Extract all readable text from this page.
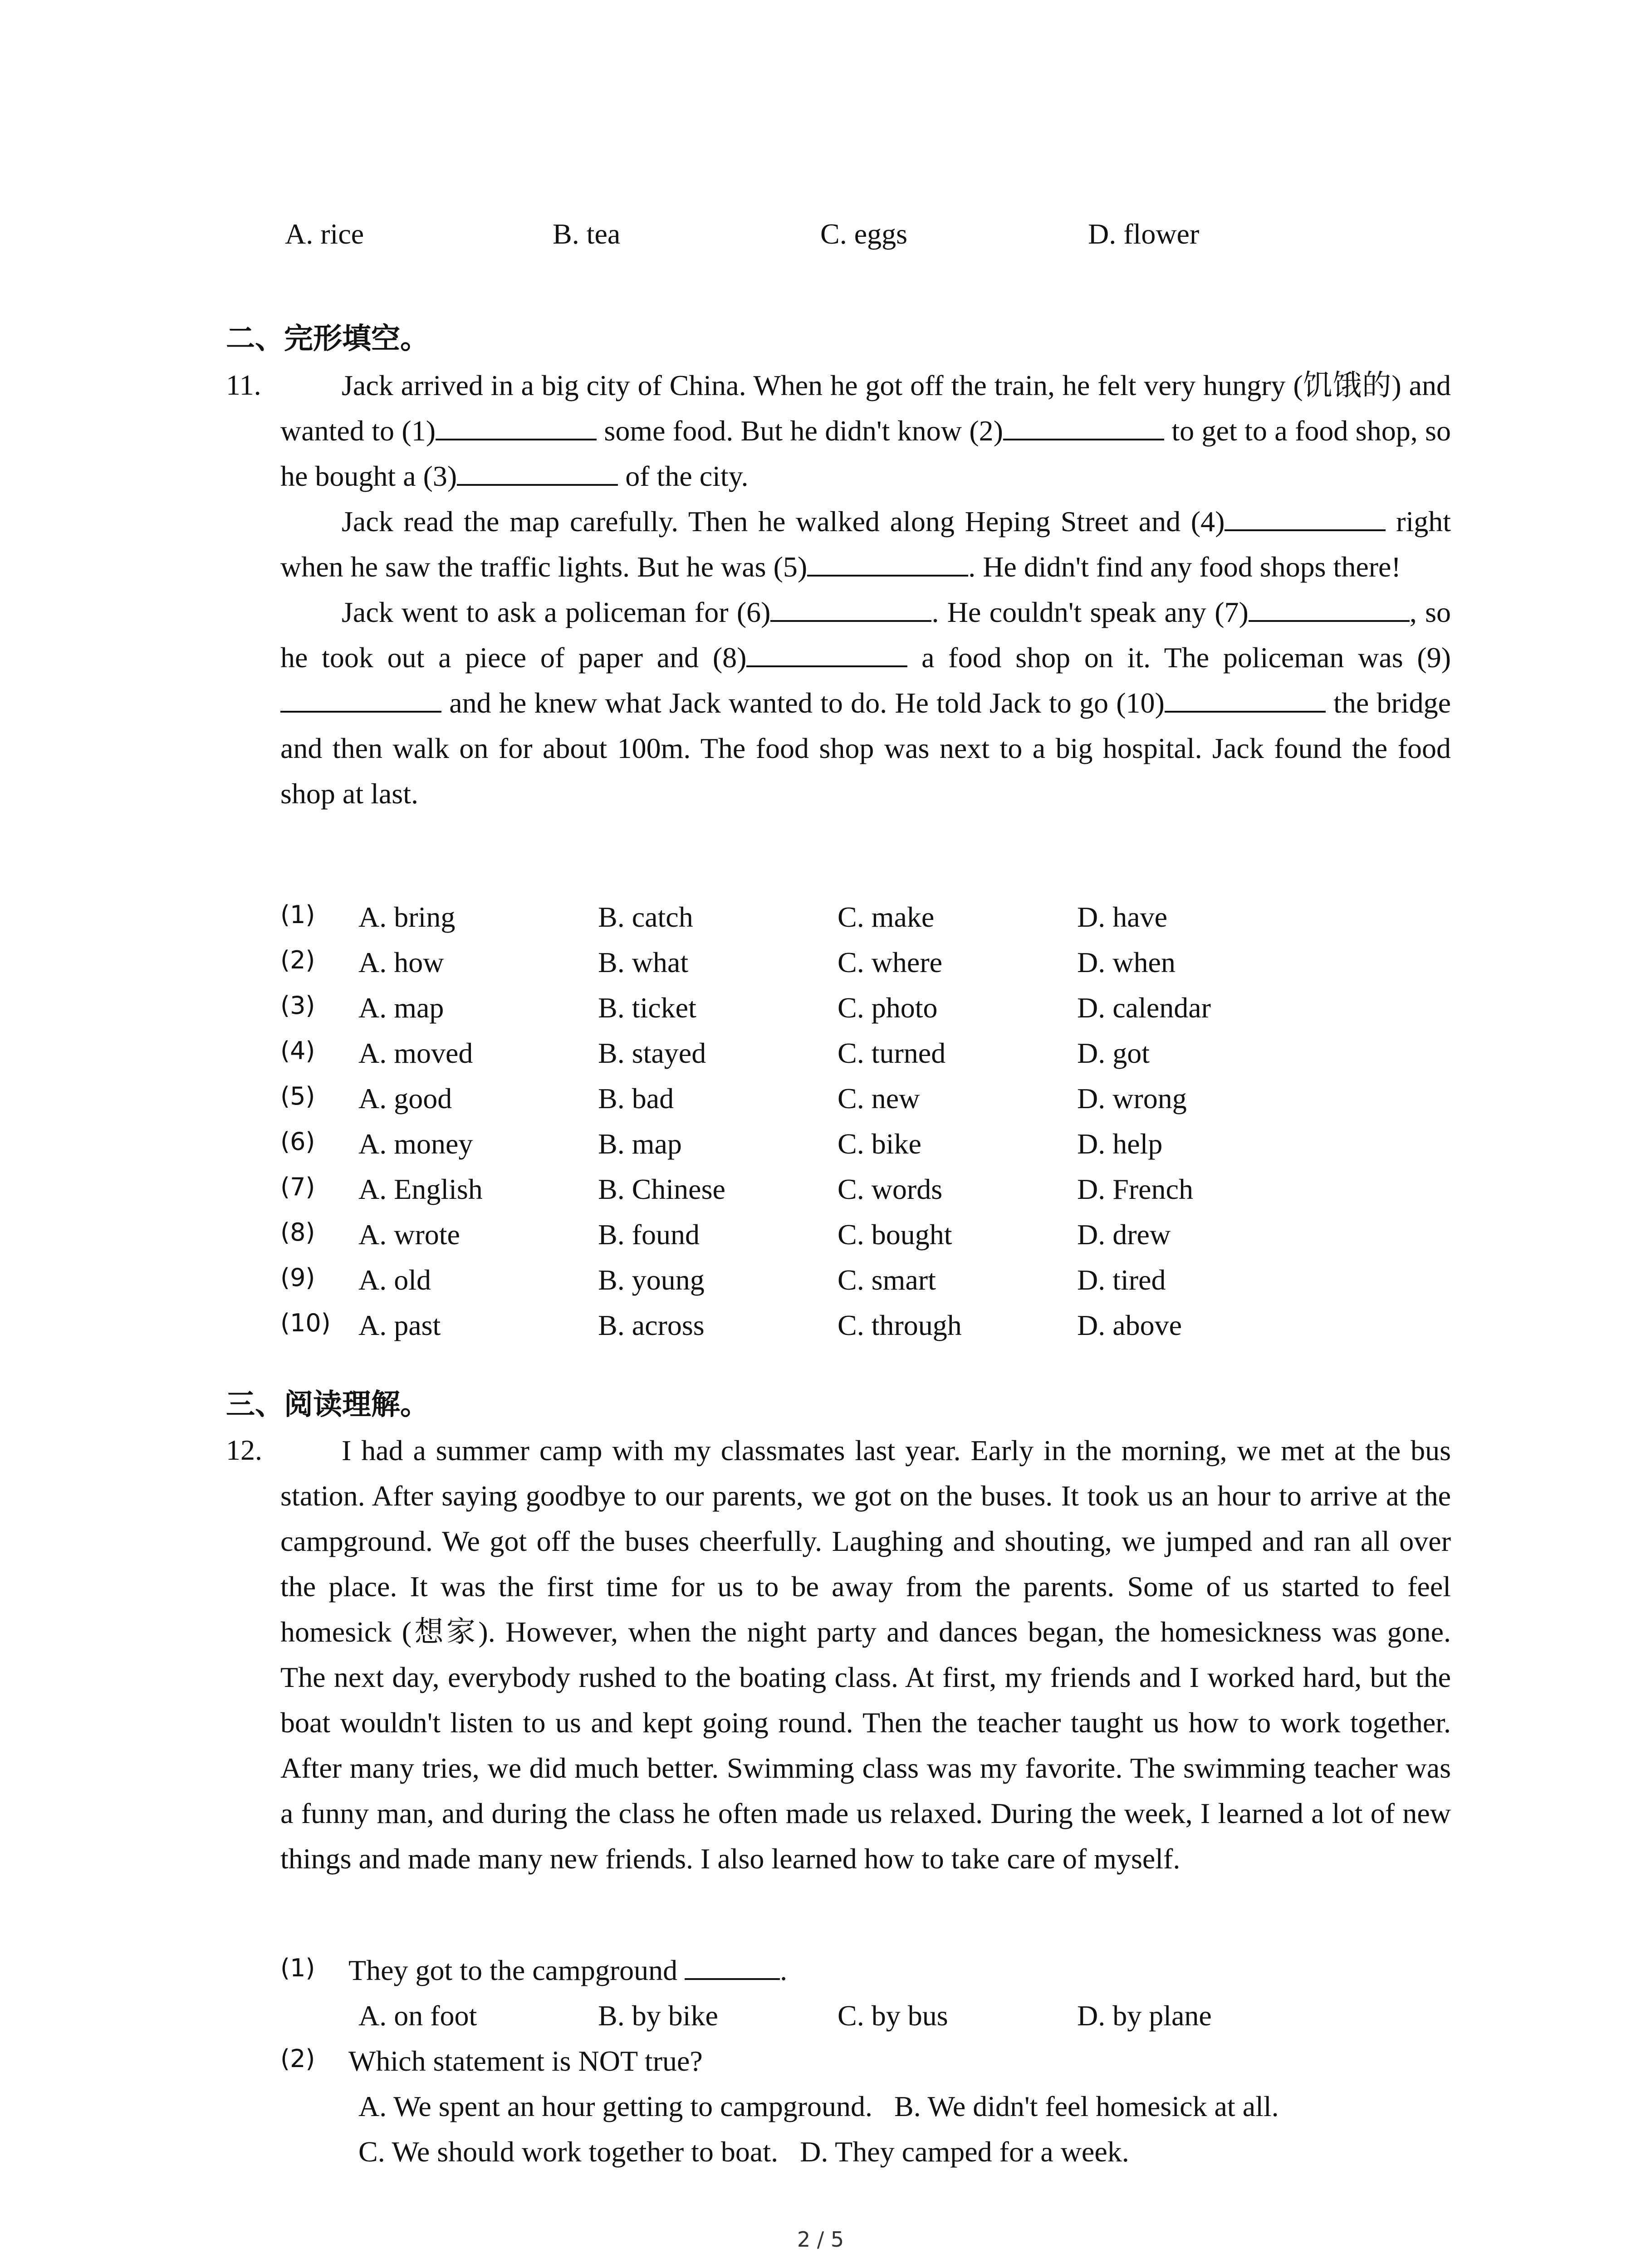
A. rice	B. tea	C. eggs	D. flower
二、完形填空。
11.	Jack arrived in a big city of China. When he got off the train, he felt very hungry (饥饿的) and wanted to (1)	some food. But he didn't know (2)	to get to a food shop, so he bought a (3)	of the city.

Jack read the map carefully. Then he walked along Heping Street and (4)	right when he saw the traffic lights. But he was (5)	. He didn't find any food shops there!

Jack went to ask a policeman for (6)	. He couldn't speak any (7)	, so he took out a piece of paper and (8)	a food shop on it. The policeman was (9) and he knew what Jack wanted to do. He told Jack to go (10)	the bridge and then walk on for about 100m. The food shop was next to a big hospital. Jack found the food shop at last.

(1) A. bring	B. catch	C. make	D. have
(2) A. how	B. what	C. where	D. when
(3) A. map	B. ticket	C. photo	D. calendar
(4) A. moved	B. stayed	C. turned	D. got
(5) A. good	B. bad	C. new	D. wrong
(6) A. money	B. map	C. bike	D. help
(7) A. English	B. Chinese	C. words	D. French
(8) A. wrote	B. found	C. bought	D. drew
(9) A. old	B. young	C. smart	D. tired
(10) A. past	B. across	C. through	D. above
三、阅读理解。
12.	I had a summer camp with my classmates last year. Early in the morning, we met at the bus station. After saying goodbye to our parents, we got on the buses. It took us an hour to arrive at the campground. We got off the buses cheerfully. Laughing and shouting, we jumped and ran all over the place. It was the first time for us to be away from the parents. Some of us started to feel homesick (想家). However, when the night party and dances began, the homesickness was gone. The next day, everybody rushed to the boating class. At first, my friends and I worked hard, but the boat wouldn't listen to us and kept going round. Then the teacher taught us how to work together. After many tries, we did much better. Swimming class was my favorite. The swimming teacher was a funny man, and during the class he often made us relaxed. During the week, I learned a lot of new things and made many new friends. I also learned how to take care of myself.

(1) They got to the campground	.
A. on foot	B. by bike	C. by bus	D. by plane
(2) Which statement is NOT true?
A. We spent an hour getting to campground.   B. We didn't feel homesick at all.
C. We should work together to boat.   D. They camped for a week.
2 / 5
